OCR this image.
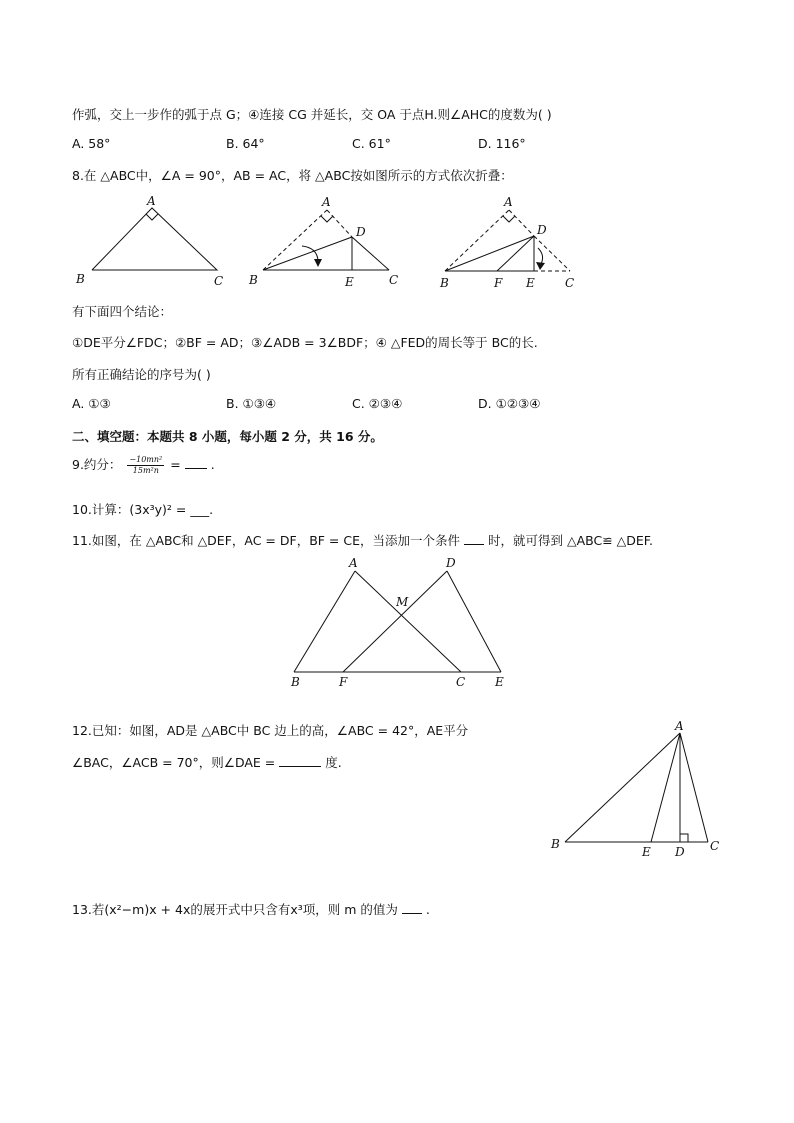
作弧，交上一步作的弧于点 G；④连接 CG 并延长，交 OA 于点H.则∠AHC的度数为( )
A. 58°	B. 64°	C. 61°	D. 116°
8.在 △ABC中，∠A = 90°，AB = AC，将 △ABC按如图所示的方式依次折叠：
A
B	C
A
D
B	E	C
A
D
B	F E	C
有下面四个结论：
①DE平分∠FDC；②BF = AD；③∠ADB = 3∠BDF；④ △FED的周长等于 BC的长.
所有正确结论的序号为( )
A. ①③	B. ①③④	C. ②③④	D. ①②③④
二、填空题：本题共 8 小题，每小题 2 分，共 16 分。
9.约分： $\frac{\text{−10mn²}}{\text{15m²n}}$ = .
10.计算：(3x³y)² = ___.
11.如图，在 △ABC和 △DEF，AC = DF，BF = CE，当添加一个条件 时，就可得到 △ABC≌ △DEF.
A	D
M
B	F	C E
12.已知：如图，AD是 △ABC中 BC 边上的高，∠ABC = 42°，AE平分
∠BAC，∠ACB = 70°，则∠DAE =	度.
A
B
E D C
13.若(x²−m)x + 4x的展开式中只含有x³项，则 m 的值为 .
